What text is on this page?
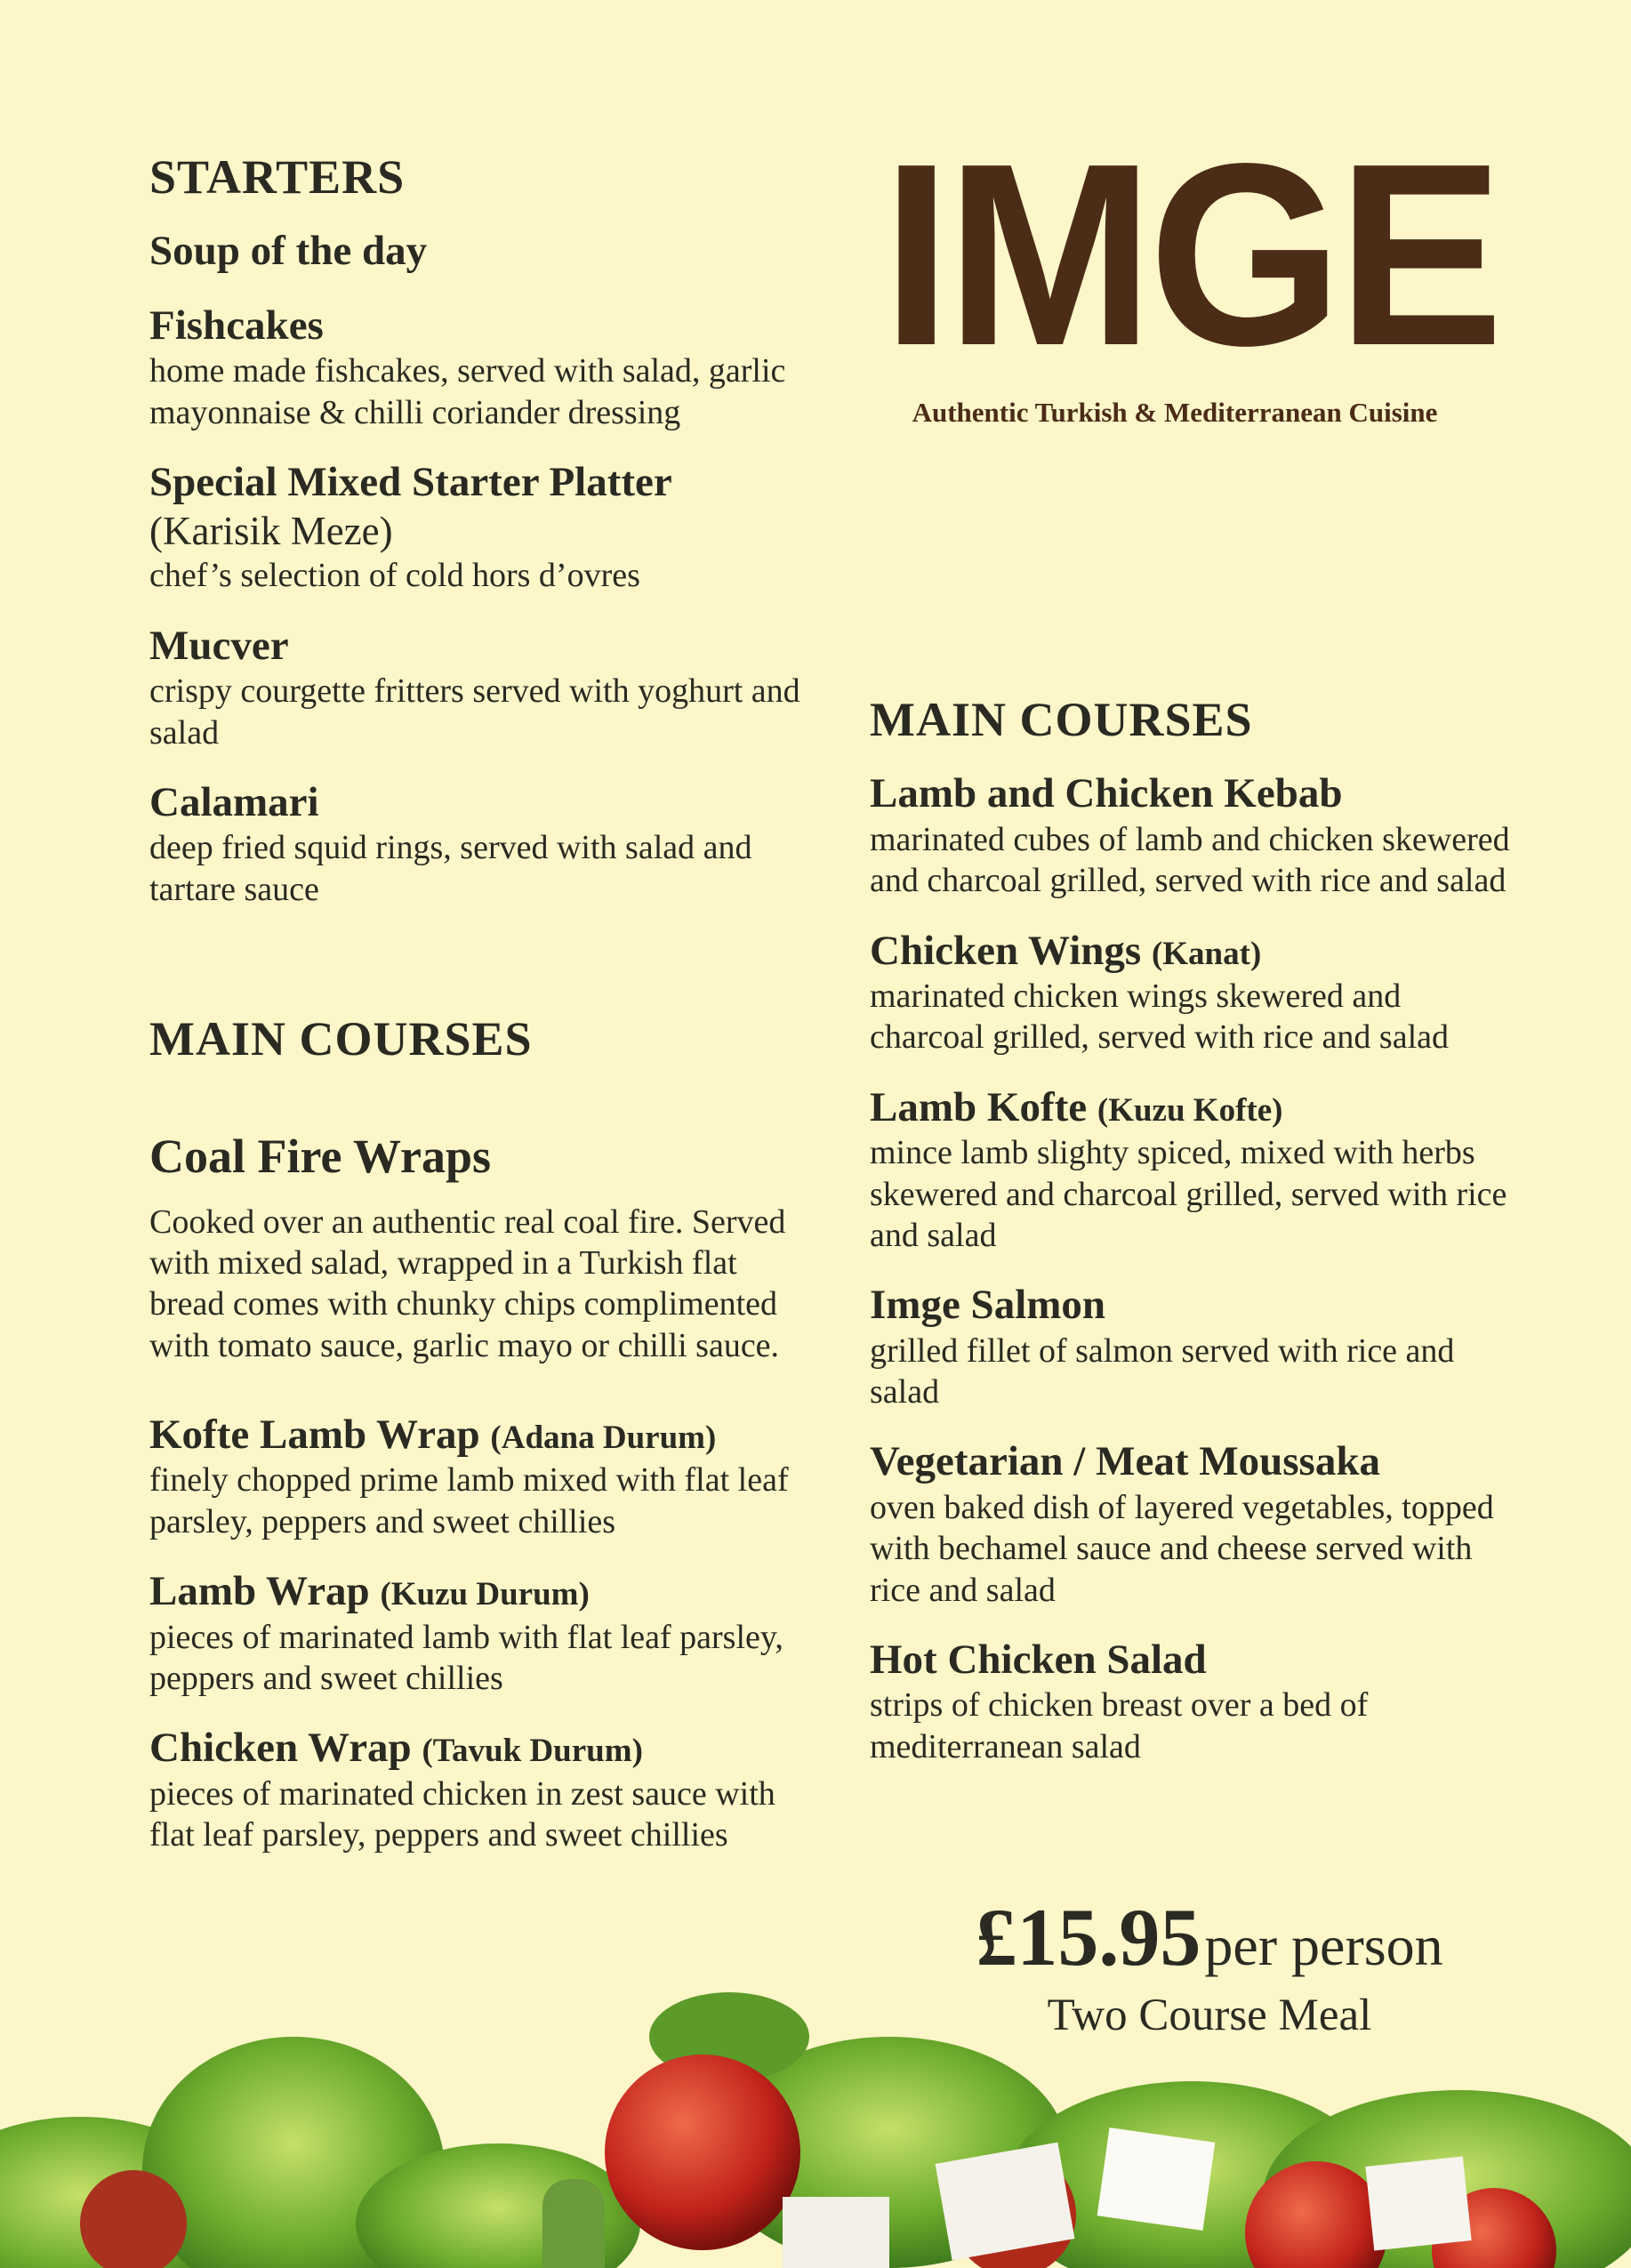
STARTERS
Soup of the day
Fishcakes
home made fishcakes, served with salad, garlic mayonnaise & chilli coriander dressing
Special Mixed Starter Platter
(Karisik Meze)
chef’s selection of cold hors d’ovres
Mucver
crispy courgette fritters served with yoghurt and salad
Calamari
deep fried squid rings, served with salad and tartare sauce
MAIN COURSES
Coal Fire Wraps
Cooked over an authentic real coal fire. Served with mixed salad, wrapped in a Turkish flat bread comes with chunky chips complimented with tomato sauce, garlic mayo or chilli sauce.
Kofte Lamb Wrap (Adana Durum)
finely chopped prime lamb mixed with flat leaf parsley, peppers and sweet chillies
Lamb Wrap (Kuzu Durum)
pieces of marinated lamb with flat leaf parsley, peppers and sweet chillies
Chicken Wrap (Tavuk Durum)
pieces of marinated chicken in zest sauce with flat leaf parsley, peppers and sweet chillies
IMGE
Authentic Turkish & Mediterranean Cuisine
MAIN COURSES
Lamb and Chicken Kebab
marinated cubes of lamb and chicken skewered and charcoal grilled, served with rice and salad
Chicken Wings (Kanat)
marinated chicken wings skewered and charcoal grilled, served with rice and salad
Lamb Kofte (Kuzu Kofte)
mince lamb slighty spiced, mixed with herbs skewered and charcoal grilled, served with rice and salad
Imge Salmon
grilled fillet of salmon served with rice and salad
Vegetarian / Meat Moussaka
oven baked dish of layered vegetables, topped with bechamel sauce and cheese served with rice and salad
Hot Chicken Salad
strips of chicken breast over a bed of mediterranean salad
£15.95 per person
Two Course Meal
